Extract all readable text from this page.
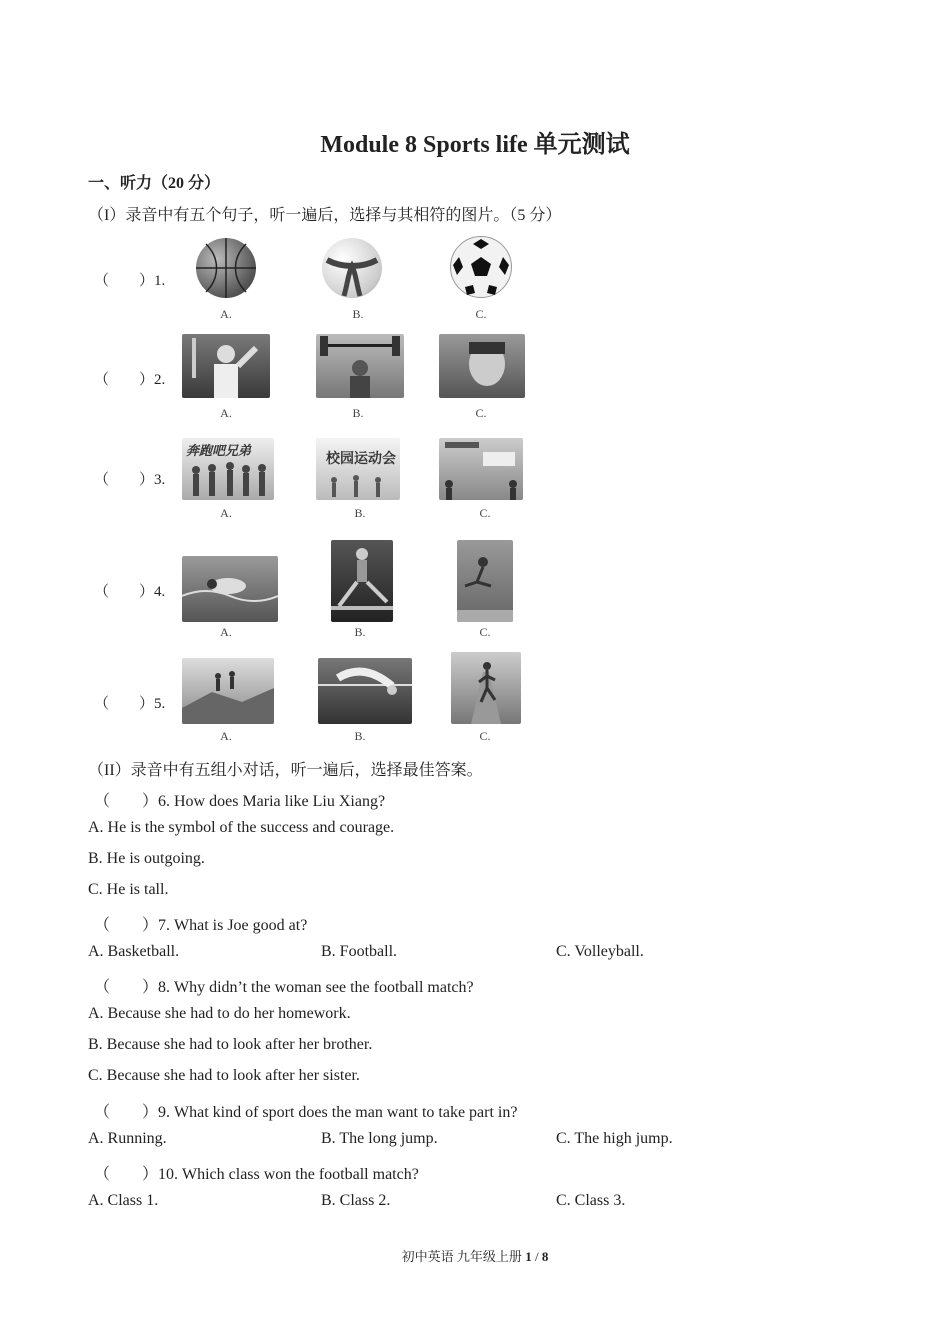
Module 8 Sports life 单元测试
一、听力（20 分）
（I）录音中有五个句子，听一遍后，选择与其相符的图片。（5 分）
（　　）1.
A.	B.	C.
（　　）2.
A.	B.	C.
（　　）3.
奔跑吧兄弟	校园运动会
A.	B.	C.
（　　）4.
A.	B.	C.
（　　）5.
A.	B.	C.
（II）录音中有五组小对话，听一遍后，选择最佳答案。
（　　）6. How does Maria like Liu Xiang?
A. He is the symbol of the success and courage.
B. He is outgoing.
C. He is tall.
（　　）7. What is Joe good at?
A. Basketball.	B. Football.	C. Volleyball.
（　　）8. Why didn’t the woman see the football match?
A. Because she had to do her homework.
B. Because she had to look after her brother.
C. Because she had to look after her sister.
（　　）9. What kind of sport does the man want to take part in?
A. Running.	B. The long jump.	C. The high jump.
（　　）10. Which class won the football match?
A. Class 1.	B. Class 2.	C. Class 3.
初中英语 九年级上册 1 / 8
